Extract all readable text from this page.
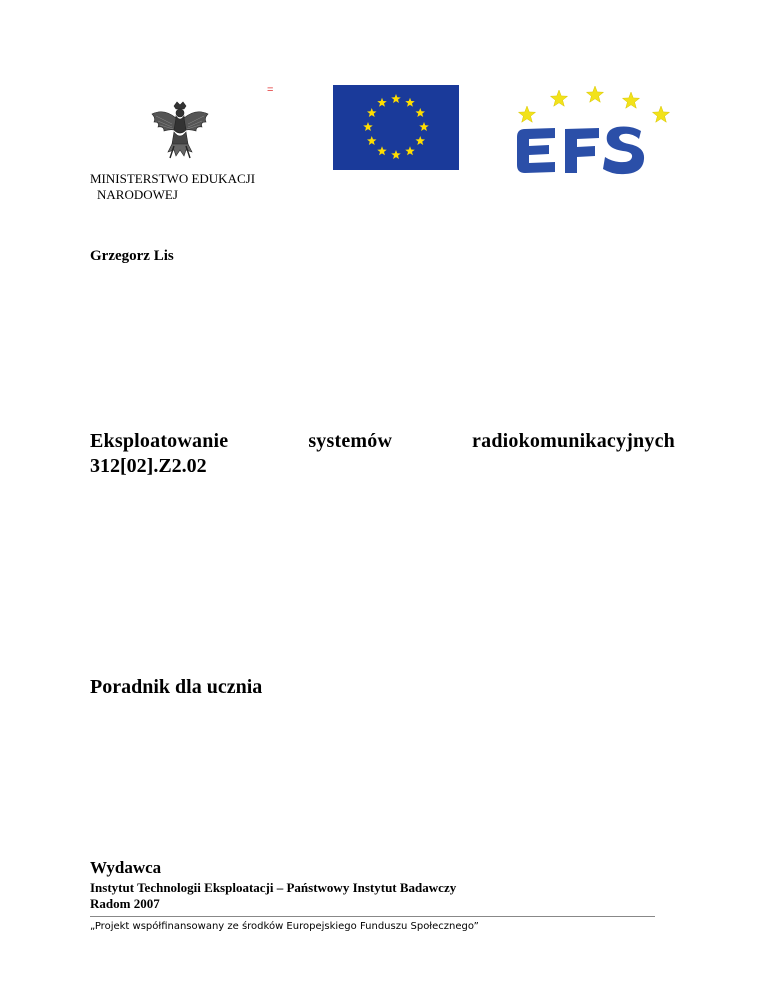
MINISTERSTWO EDUKACJI

NARODOWEJ
=
Grzegorz Lis
Eksploatowanie	systemów	radiokomunikacyjnych
312[02].Z2.02
Poradnik dla ucznia
Wydawca
Instytut Technologii Eksploatacji – Państwowy Instytut Badawczy
Radom 2007
„Projekt współfinansowany ze środków Europejskiego Funduszu Społecznego”
